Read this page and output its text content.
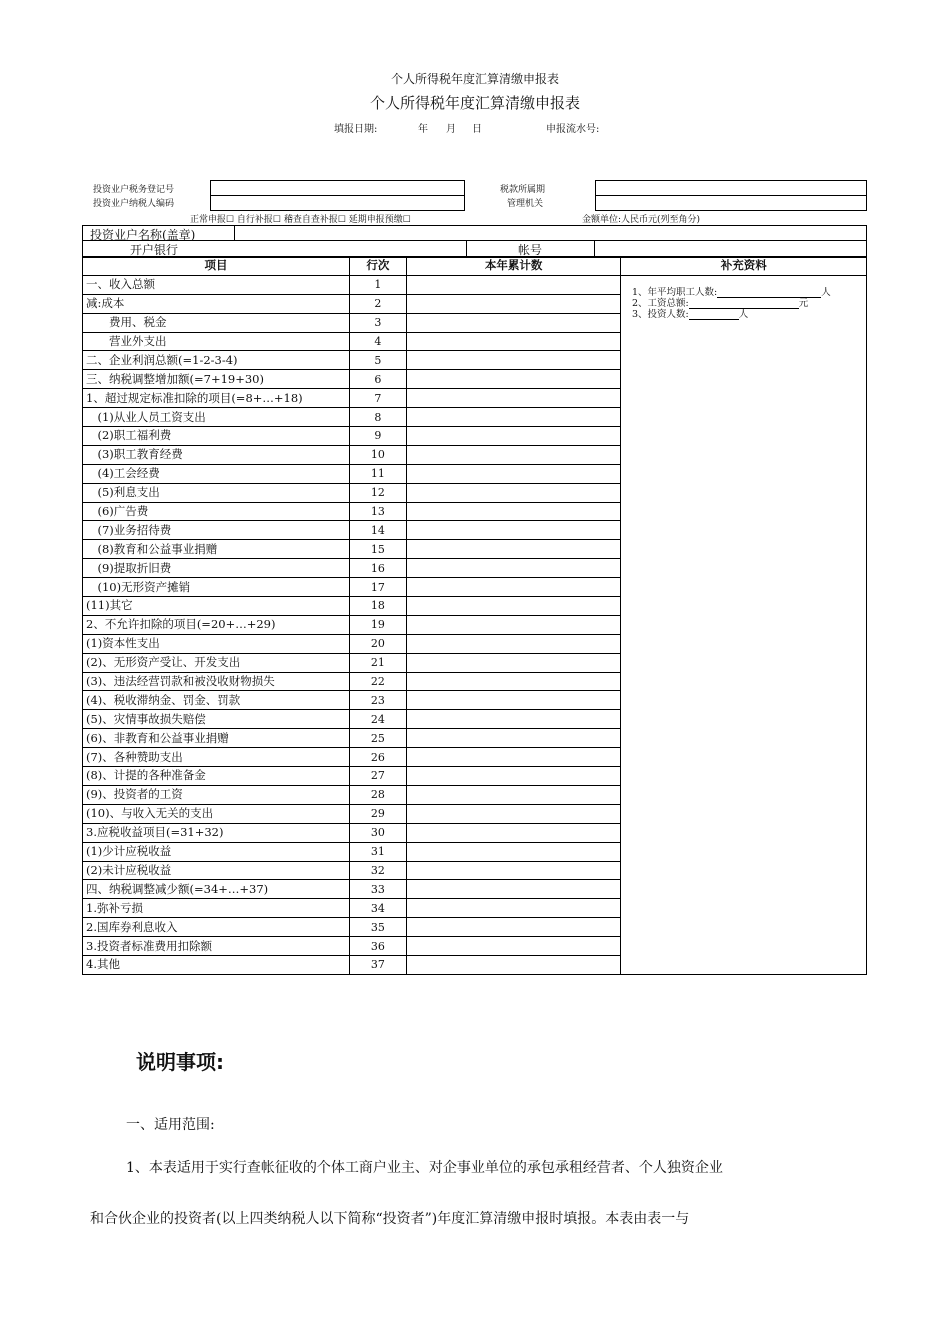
个人所得税年度汇算清缴申报表
个人所得税年度汇算清缴申报表
填报日期:	年 月 日	申报流水号:
投资业户税务登记号
投资业户纳税人编码
税款所属期
管理机关
正常申报☐ 自行补报☐ 稽查自查补报☐ 延期申报预缴☐	金额单位:人民币元(列至角分)
投资业户名称(盖章)
开户银行	帐号
项目	行次	本年累计数	补充资料
一、收入总额	1		
减:成本	2		
　　费用、税金	3		
　　营业外支出	4		
二、企业利润总额(=1-2-3-4)	5		
三、纳税调整增加额(=7+19+30)	6		
1、超过规定标准扣除的项目(=8+…+18)	7		
　(1)从业人员工资支出	8		
　(2)职工福利费	9		
　(3)职工教育经费	10		
　(4)工会经费	11		
　(5)利息支出	12		
　(6)广告费	13		
　(7)业务招待费	14		
　(8)教育和公益事业捐赠	15		
　(9)提取折旧费	16		
　(10)无形资产摊销	17		
(11)其它	18		
2、不允许扣除的项目(=20+…+29)	19		
(1)资本性支出	20		
(2)、无形资产受让、开发支出	21		
(3)、违法经营罚款和被没收财物损失	22		
(4)、税收滞纳金、罚金、罚款	23		
(5)、灾情事故损失赔偿	24		
(6)、非教育和公益事业捐赠	25		
(7)、各种赞助支出	26		
(8)、计提的各种准备金	27		
(9)、投资者的工资	28		
(10)、与收入无关的支出	29		
3.应税收益项目(=31+32)	30		
(1)少计应税收益	31		
(2)未计应税收益	32		
四、纳税调整减少额(=34+…+37)	33		
1.弥补亏损	34		
2.国库券利息收入	35		
3.投资者标准费用扣除额	36		
4.其他	37		
1、年平均职工人数:	人
2、工资总额:	元
3、投资人数:	人
说明事项:
一、适用范围:
1、本表适用于实行查帐征收的个体工商户业主、对企事业单位的承包承租经营者、个人独资企业
和合伙企业的投资者(以上四类纳税人以下简称“投资者”)年度汇算清缴申报时填报。本表由表一与
